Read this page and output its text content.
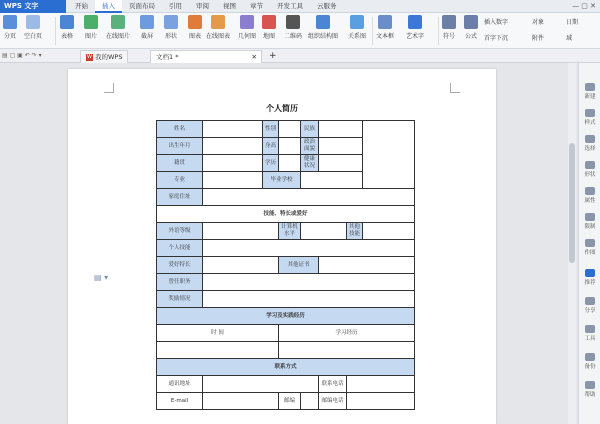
WPS 文字	开始	插入	页面布局	引用	审阅	视图	章节	开发工具	云服务	— ▢ ✕
分页 空白页	表格 图片 在线图片 截屏 形状 图表 在线图表 几何图 地图 二维码 组织结构图 关系图 文本框 艺术字	符号 公式
插入数字	对象	日期
首字下沉	附件	域
▤ ▢ ▣ ↶ ↷ ▾	W 我的WPS	文档1 *	✕	+
个人简历
▤ ▾
姓名		性别		民族			
出生年月		身高		政治面貌			
籍贯		学历		健康状况			
专业		毕业学校					
家庭住址							
技能、特长或爱好							
外语等级			计算机水平			其他技能	
个人技能							
爱好特长			其他证书				
曾任职务							
奖励情况							
学习及实践经历							
时 间			学习经历				

联系方式							
通讯地址					联系电话		
E-mail			邮编		邮编电话		
新建
样式
选择
形状
属性
限制
作图
推荐
分享
工具
备份
帮助
